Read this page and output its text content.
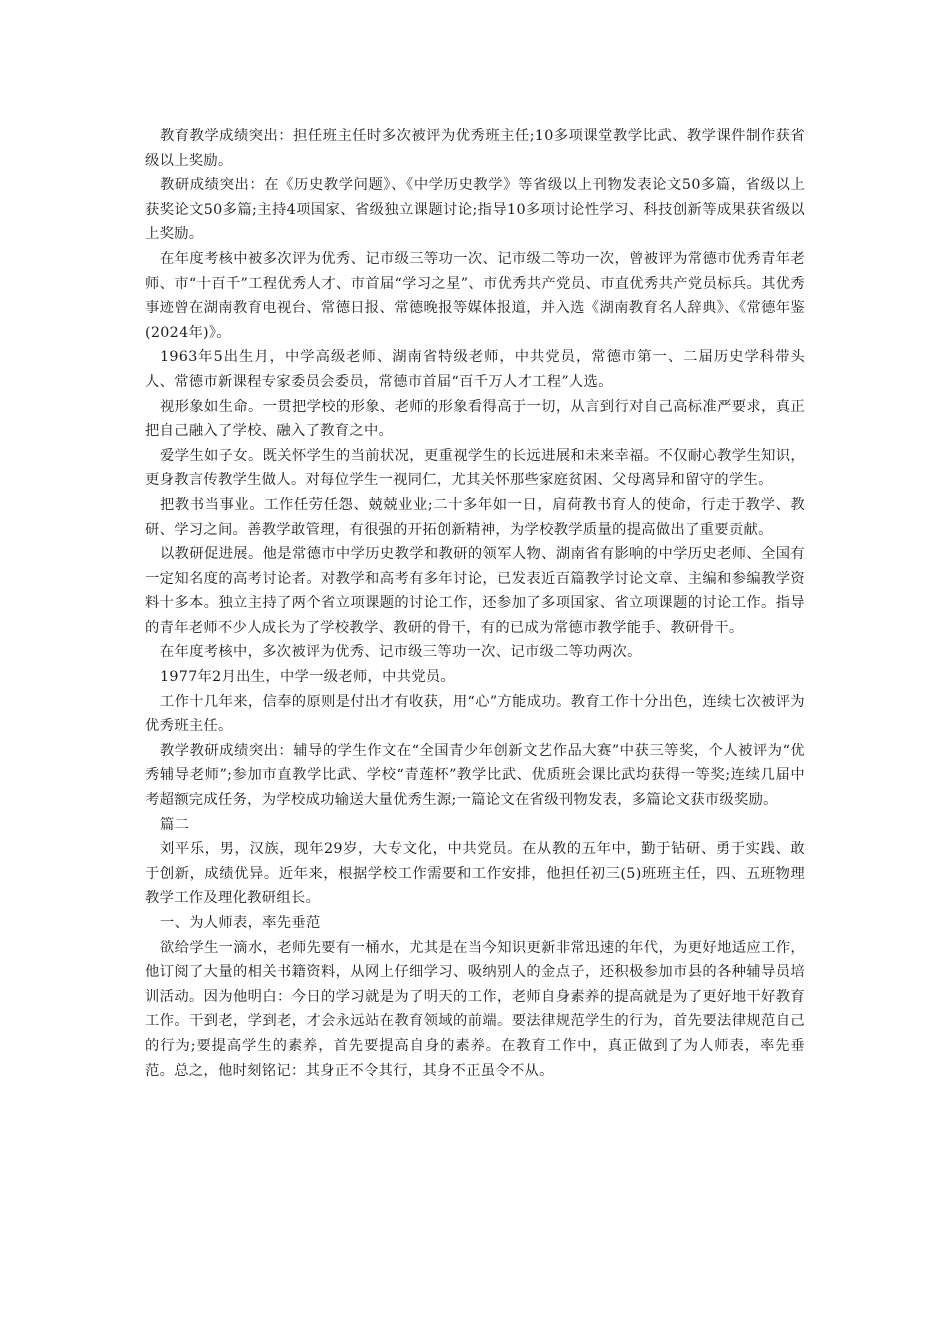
教育教学成绩突出：担任班主任时多次被评为优秀班主任;10多项课堂教学比武、教学课件制作获省级以上奖励。

教研成绩突出：在《历史教学问题》、《中学历史教学》等省级以上刊物发表论文50多篇，省级以上获奖论文50多篇;主持4项国家、省级独立课题讨论;指导10多项讨论性学习、科技创新等成果获省级以上奖励。

在年度考核中被多次评为优秀、记市级三等功一次、记市级二等功一次，曾被评为常德市优秀青年老师、市“十百千”工程优秀人才、市首届“学习之星”、市优秀共产党员、市直优秀共产党员标兵。其优秀事迹曾在湖南教育电视台、常德日报、常德晚报等媒体报道，并入选《湖南教育名人辞典》、《常德年鉴(2024年)》。

1963年5出生月，中学高级老师、湖南省特级老师，中共党员，常德市第一、二届历史学科带头人、常德市新课程专家委员会委员，常德市首届“百千万人才工程”人选。

视形象如生命。一贯把学校的形象、老师的形象看得高于一切，从言到行对自己高标准严要求，真正把自己融入了学校、融入了教育之中。

爱学生如子女。既关怀学生的当前状况，更重视学生的长远进展和未来幸福。不仅耐心教学生知识，更身教言传教学生做人。对每位学生一视同仁，尤其关怀那些家庭贫困、父母离异和留守的学生。

把教书当事业。工作任劳任怨、兢兢业业;二十多年如一日，肩荷教书育人的使命，行走于教学、教研、学习之间。善教学敢管理，有很强的开拓创新精神，为学校教学质量的提高做出了重要贡献。

以教研促进展。他是常德市中学历史教学和教研的领军人物、湖南省有影响的中学历史老师、全国有一定知名度的高考讨论者。对教学和高考有多年讨论，已发表近百篇教学讨论文章、主编和参编教学资料十多本。独立主持了两个省立项课题的讨论工作，还参加了多项国家、省立项课题的讨论工作。指导的青年老师不少人成长为了学校教学、教研的骨干，有的已成为常德市教学能手、教研骨干。

在年度考核中，多次被评为优秀、记市级三等功一次、记市级二等功两次。

1977年2月出生，中学一级老师，中共党员。

工作十几年来，信奉的原则是付出才有收获，用“心”方能成功。教育工作十分出色，连续七次被评为优秀班主任。

教学教研成绩突出：辅导的学生作文在“全国青少年创新文艺作品大赛”中获三等奖，个人被评为“优秀辅导老师”;参加市直教学比武、学校“青莲杯”教学比武、优质班会课比武均获得一等奖;连续几届中考超额完成任务，为学校成功输送大量优秀生源;一篇论文在省级刊物发表，多篇论文获市级奖励。

篇二

刘平乐，男，汉族，现年29岁，大专文化，中共党员。在从教的五年中，勤于钻研、勇于实践、敢于创新，成绩优异。近年来，根据学校工作需要和工作安排，他担任初三(5)班班主任，四、五班物理教学工作及理化教研组长。

一、为人师表，率先垂范

欲给学生一滴水，老师先要有一桶水，尤其是在当今知识更新非常迅速的年代，为更好地适应工作，他订阅了大量的相关书籍资料，从网上仔细学习、吸纳别人的金点子，还积极参加市县的各种辅导员培训活动。因为他明白：今日的学习就是为了明天的工作，老师自身素养的提高就是为了更好地干好教育工作。干到老，学到老，才会永远站在教育领域的前端。要法律规范学生的行为，首先要法律规范自己的行为;要提高学生的素养，首先要提高自身的素养。在教育工作中，真正做到了为人师表，率先垂范。总之，他时刻铭记：其身正不令其行，其身不正虽令不从。
